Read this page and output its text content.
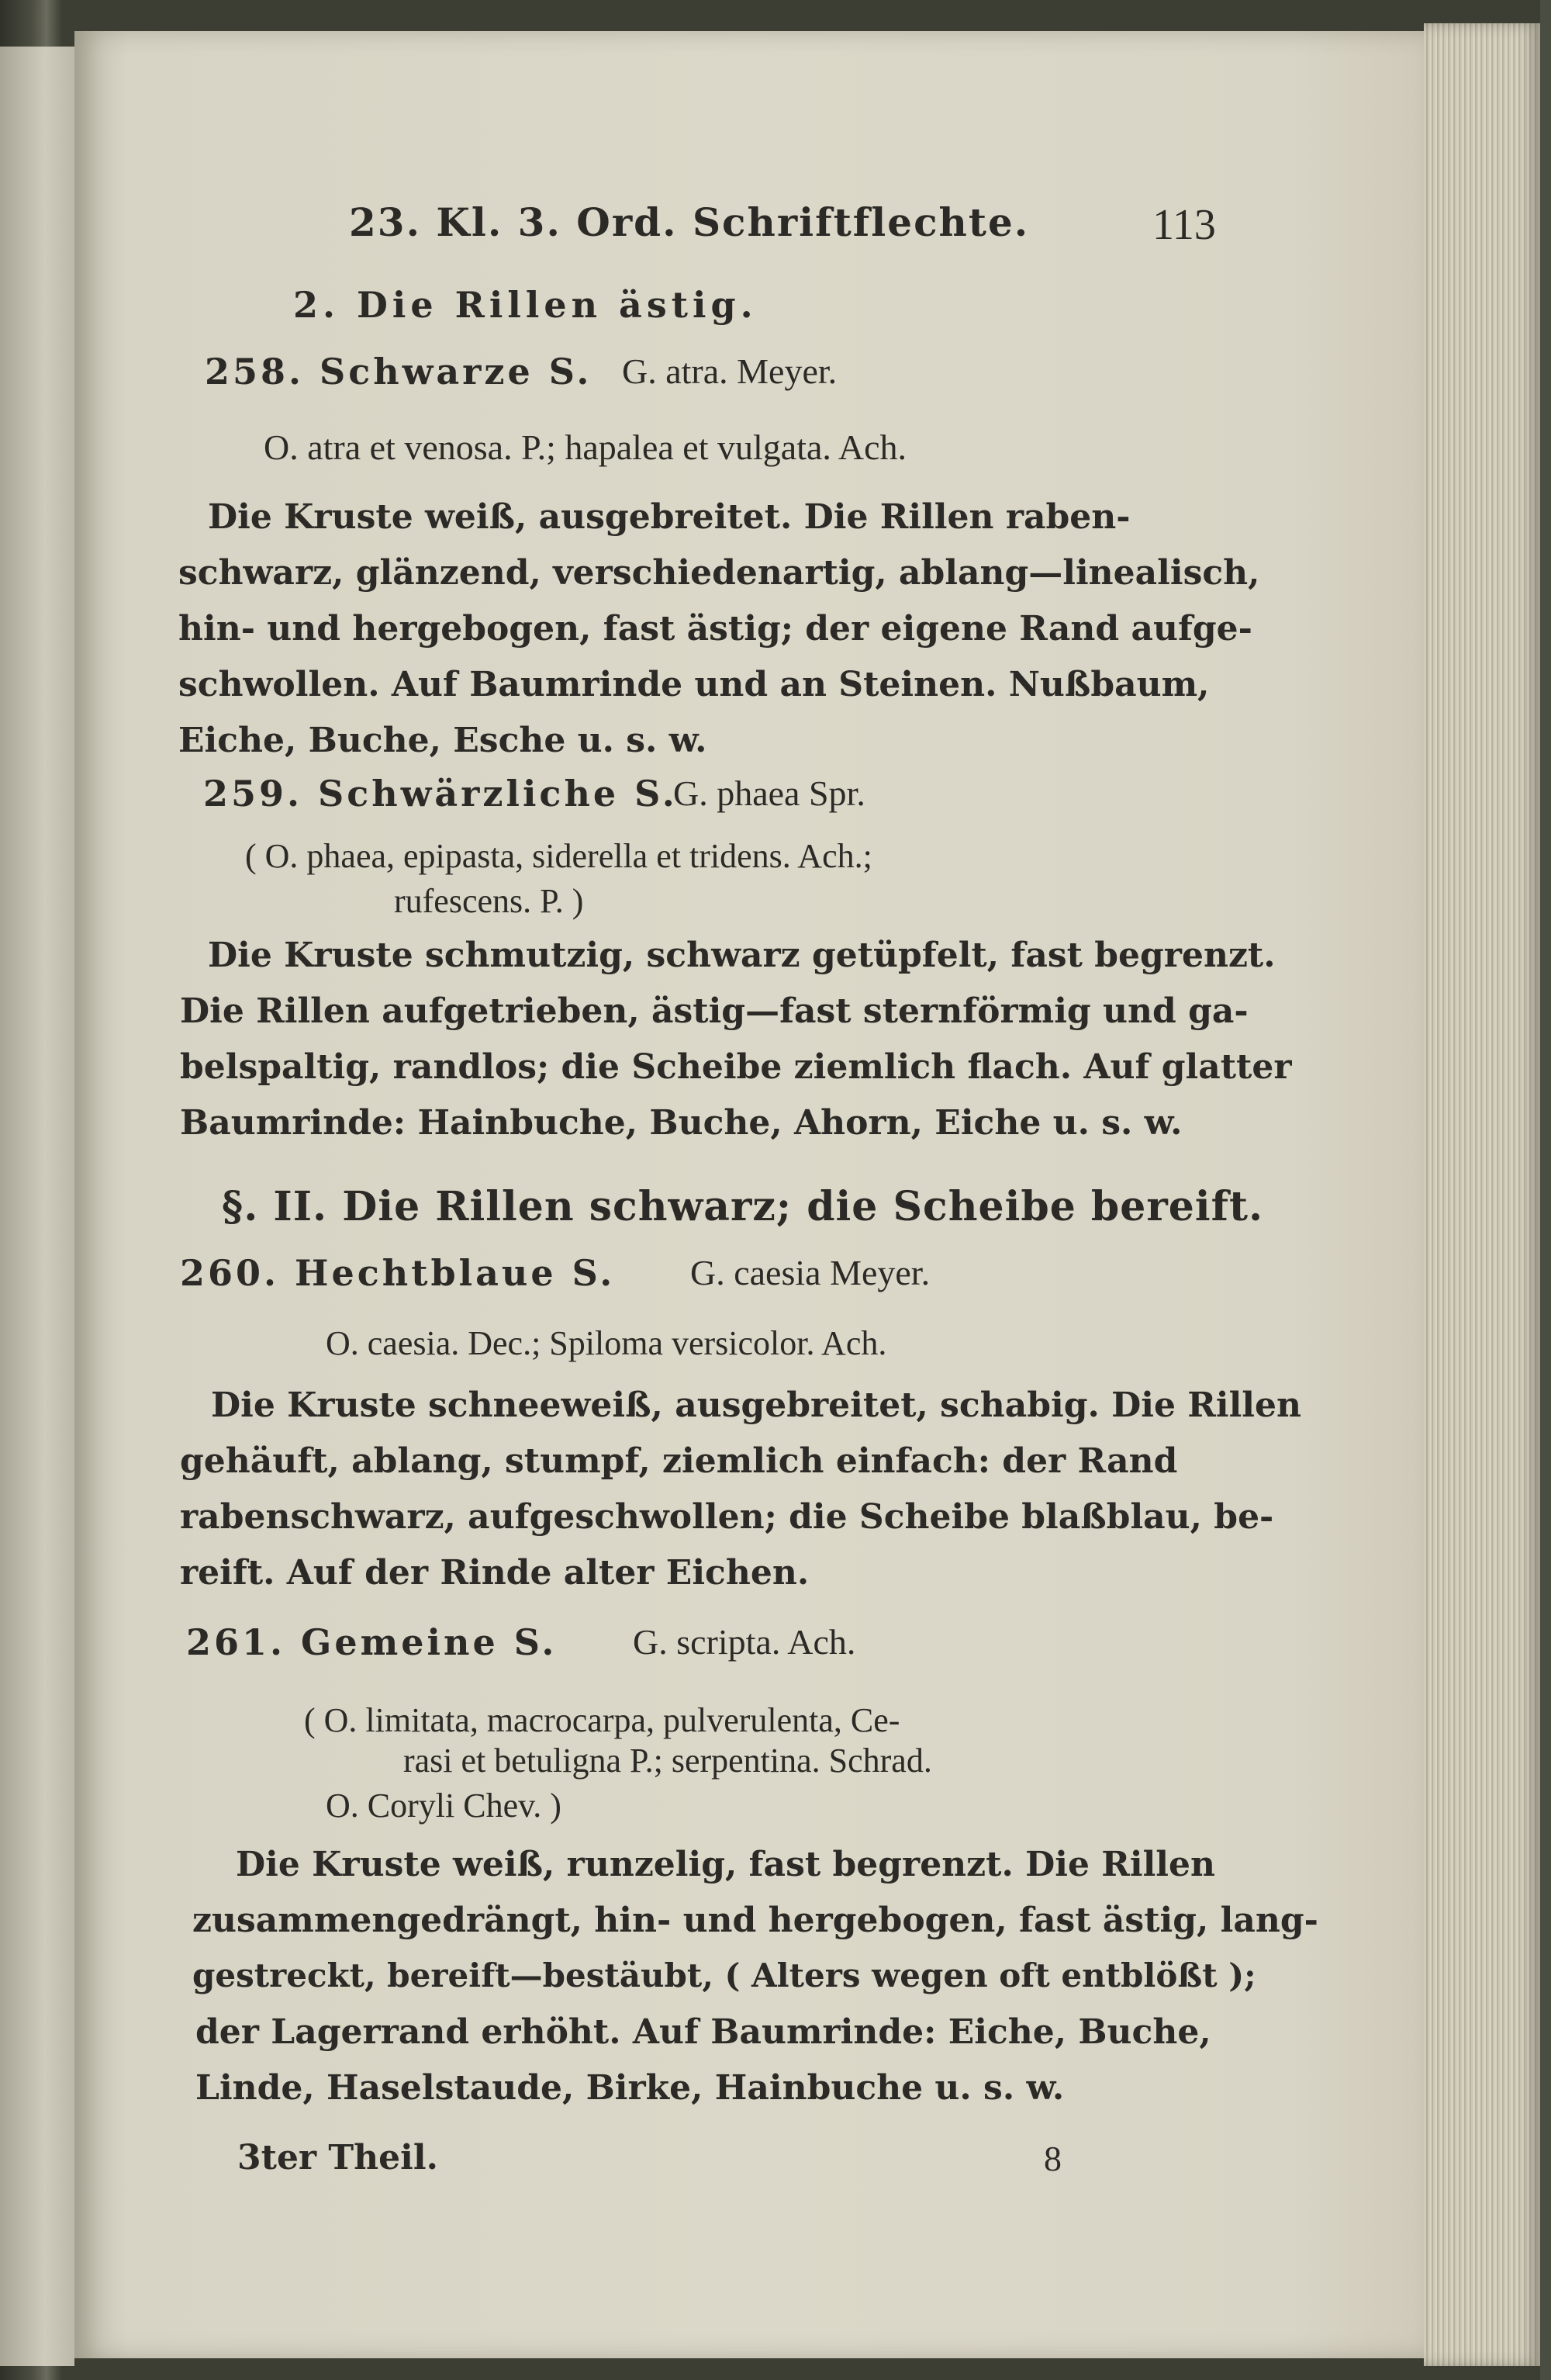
23. Kl. 3. Ord. Schriftflechte.	113
2. Die Rillen ästig.
258. Schwarze S. G. atra. Meyer.
O. atra et venosa. P.; hapalea et vulgata. Ach.
Die Kruste weiß, ausgebreitet. Die Rillen raben-
schwarz, glänzend, verschiedenartig, ablang—linealisch,
hin- und hergebogen, fast ästig; der eigene Rand aufge-
schwollen. Auf Baumrinde und an Steinen. Nußbaum,
Eiche, Buche, Esche u. s. w.
259. Schwärzliche S.
G. phaea Spr.
( O. phaea, epipasta, siderella et tridens. Ach.;
rufescens. P. )
Die Kruste schmutzig, schwarz getüpfelt, fast begrenzt.
Die Rillen aufgetrieben, ästig—fast sternförmig und ga-
belspaltig, randlos; die Scheibe ziemlich flach. Auf glatter
Baumrinde: Hainbuche, Buche, Ahorn, Eiche u. s. w.
§. II. Die Rillen schwarz; die Scheibe bereift.
260. Hechtblaue S. G. caesia Meyer.
O. caesia. Dec.; Spiloma versicolor. Ach.
Die Kruste schneeweiß, ausgebreitet, schabig. Die Rillen
gehäuft, ablang, stumpf, ziemlich einfach: der Rand
rabenschwarz, aufgeschwollen; die Scheibe blaßblau, be-
reift. Auf der Rinde alter Eichen.
261. Gemeine S. G. scripta. Ach.
( O. limitata, macrocarpa, pulverulenta, Ce-
rasi et betuligna P.; serpentina. Schrad.
O. Coryli Chev. )
Die Kruste weiß, runzelig, fast begrenzt. Die Rillen
zusammengedrängt, hin- und hergebogen, fast ästig, lang-
gestreckt, bereift—bestäubt, ( Alters wegen oft entblößt );
der Lagerrand erhöht. Auf Baumrinde: Eiche, Buche,
Linde, Haselstaude, Birke, Hainbuche u. s. w.
3ter Theil.	8
